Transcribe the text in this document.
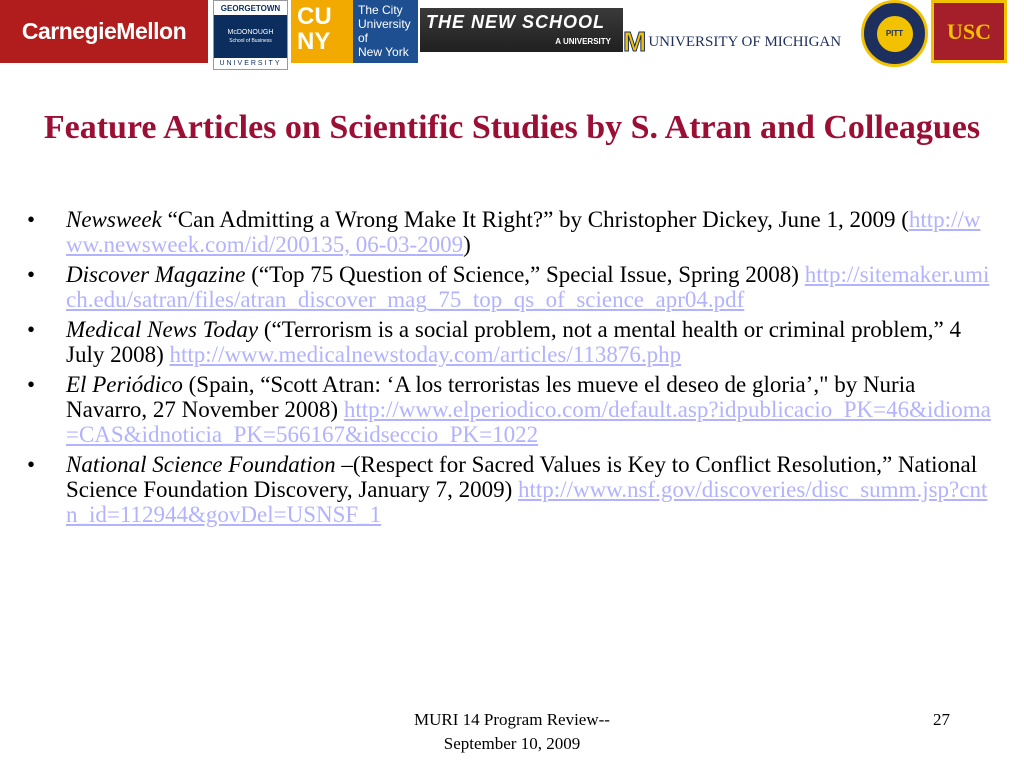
CarnegieMellon
GEORGETOWN
McDONOUGH
School of Business
UNIVERSITY
CUNY
The City
University
of
New York
THE NEW SCHOOL
A UNIVERSITY M UNIVERSITY OF MICHIGAN	PITT USC
Feature Articles on Scientific Studies by S. Atran and Colleagues
• Newsweek “Can Admitting a Wrong Make It Right?” by Christopher Dickey, June 1, 2009 (http://www.newsweek.com/id/200135, 06-03-2009)
• Discover Magazine (“Top 75 Question of Science,” Special Issue, Spring 2008) http://sitemaker.umich.edu/satran/files/atran_discover_mag_75_top_qs_of_science_apr04.pdf
• Medical News Today (“Terrorism is a social problem, not a mental health or criminal problem,” 4 July 2008) http://www.medicalnewstoday.com/articles/113876.php
• El Periódico (Spain, “Scott Atran: ‘A los terroristas les mueve el deseo de gloria’," by Nuria Navarro, 27 November 2008) http://www.elperiodico.com/default.asp?idpublicacio_PK=46&idioma=CAS&idnoticia_PK=566167&idseccio_PK=1022
• National Science Foundation –(Respect for Sacred Values is Key to Conflict Resolution,” National Science Foundation Discovery, January 7, 2009) http://www.nsf.gov/discoveries/disc_summ.jsp?cntn_id=112944&govDel=USNSF_1
MURI 14 Program Review--
September 10, 2009
27
